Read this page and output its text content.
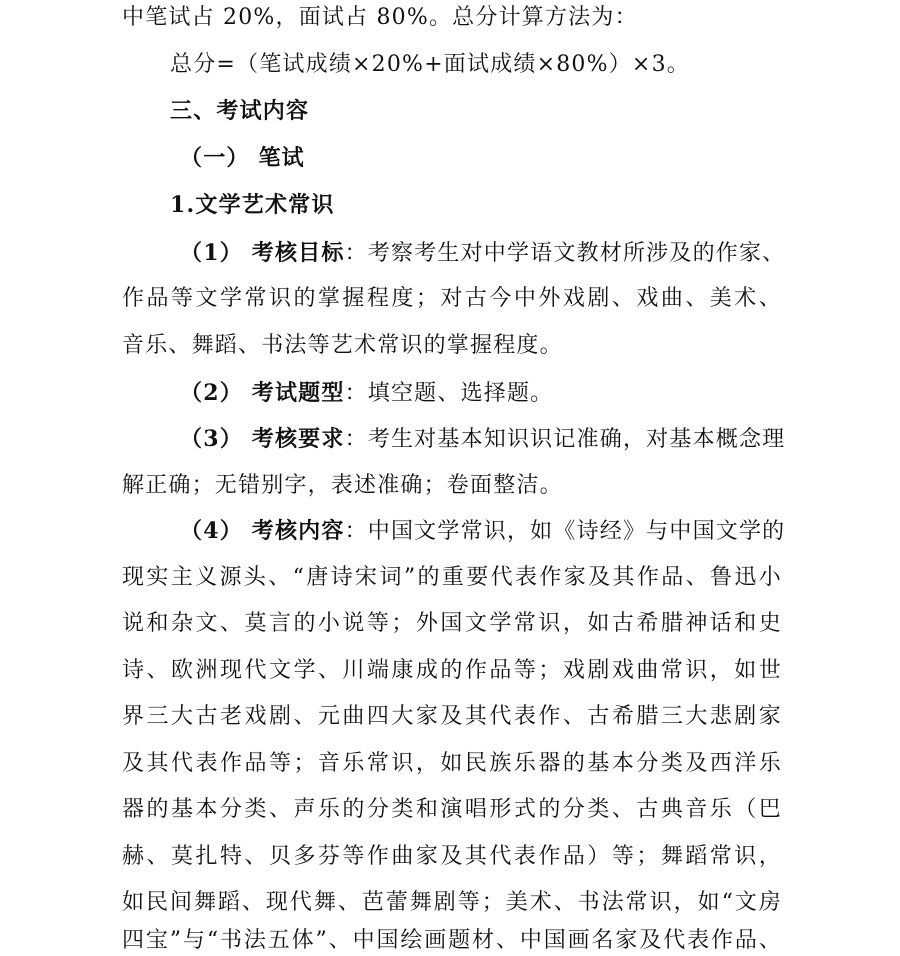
中笔试占 20%，面试占 80%。总分计算方法为：
总分=（笔试成绩×20%+面试成绩×80%）×3。
三、考试内容
（一） 笔试
1.文学艺术常识
（1） 考核目标：考察考生对中学语文教材所涉及的作家、
作品等文学常识的掌握程度；对古今中外戏剧、戏曲、美术、
音乐、舞蹈、书法等艺术常识的掌握程度。
（2） 考试题型：填空题、选择题。
（3） 考核要求：考生对基本知识识记准确，对基本概念理
解正确；无错别字，表述准确；卷面整洁。
（4） 考核内容：中国文学常识，如《诗经》与中国文学的
现实主义源头、“唐诗宋词”的重要代表作家及其作品、鲁迅小
说和杂文、莫言的小说等；外国文学常识，如古希腊神话和史
诗、欧洲现代文学、川端康成的作品等；戏剧戏曲常识，如世
界三大古老戏剧、元曲四大家及其代表作、古希腊三大悲剧家
及其代表作品等；音乐常识，如民族乐器的基本分类及西洋乐
器的基本分类、声乐的分类和演唱形式的分类、古典音乐（巴
赫、莫扎特、贝多芬等作曲家及其代表作品）等；舞蹈常识，
如民间舞蹈、现代舞、芭蕾舞剧等；美术、书法常识，如“文房
四宝”与“书法五体”、中国绘画题材、中国画名家及代表作品、
